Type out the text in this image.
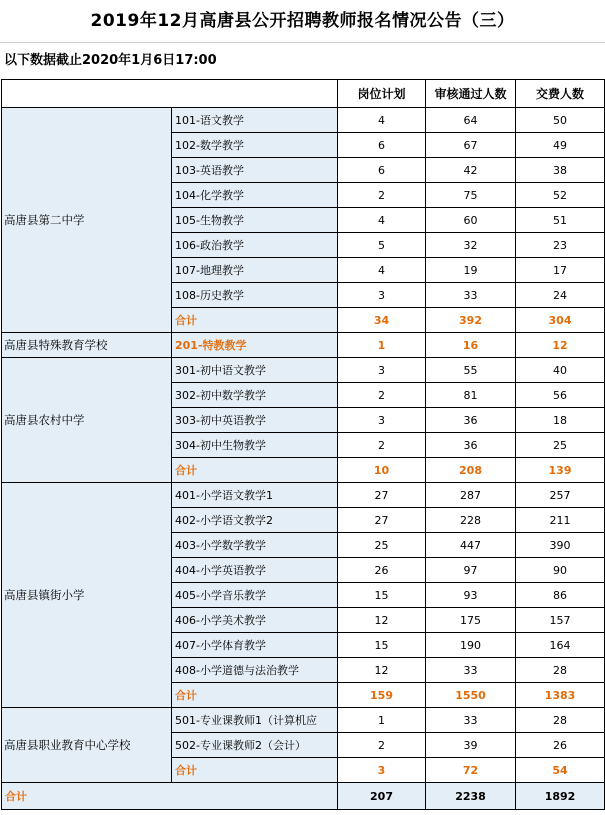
2019年12月高唐县公开招聘教师报名情况公告（三）
以下数据截止2020年1月6日17:00
		岗位计划	审核通过人数	交费人数
高唐县第二中学	101-语文教学	4	64	50
	102-数学教学	6	67	49
	103-英语教学	6	42	38
	104-化学教学	2	75	52
	105-生物教学	4	60	51
	106-政治教学	5	32	23
	107-地理教学	4	19	17
	108-历史教学	3	33	24
	合计	34	392	304
高唐县特殊教育学校	201-特教教学	1	16	12
高唐县农村中学	301-初中语文教学	3	55	40
	302-初中数学教学	2	81	56
	303-初中英语教学	3	36	18
	304-初中生物教学	2	36	25
	合计	10	208	139
高唐县镇街小学	401-小学语文教学1	27	287	257
	402-小学语文教学2	27	228	211
	403-小学数学教学	25	447	390
	404-小学英语教学	26	97	90
	405-小学音乐教学	15	93	86
	406-小学美术教学	12	175	157
	407-小学体育教学	15	190	164
	408-小学道德与法治教学	12	33	28
	合计	159	1550	1383
高唐县职业教育中心学校	501-专业课教师1（计算机应	1	33	28
	502-专业课教师2（会计）	2	39	26
	合计	3	72	54
合计		207	2238	1892
